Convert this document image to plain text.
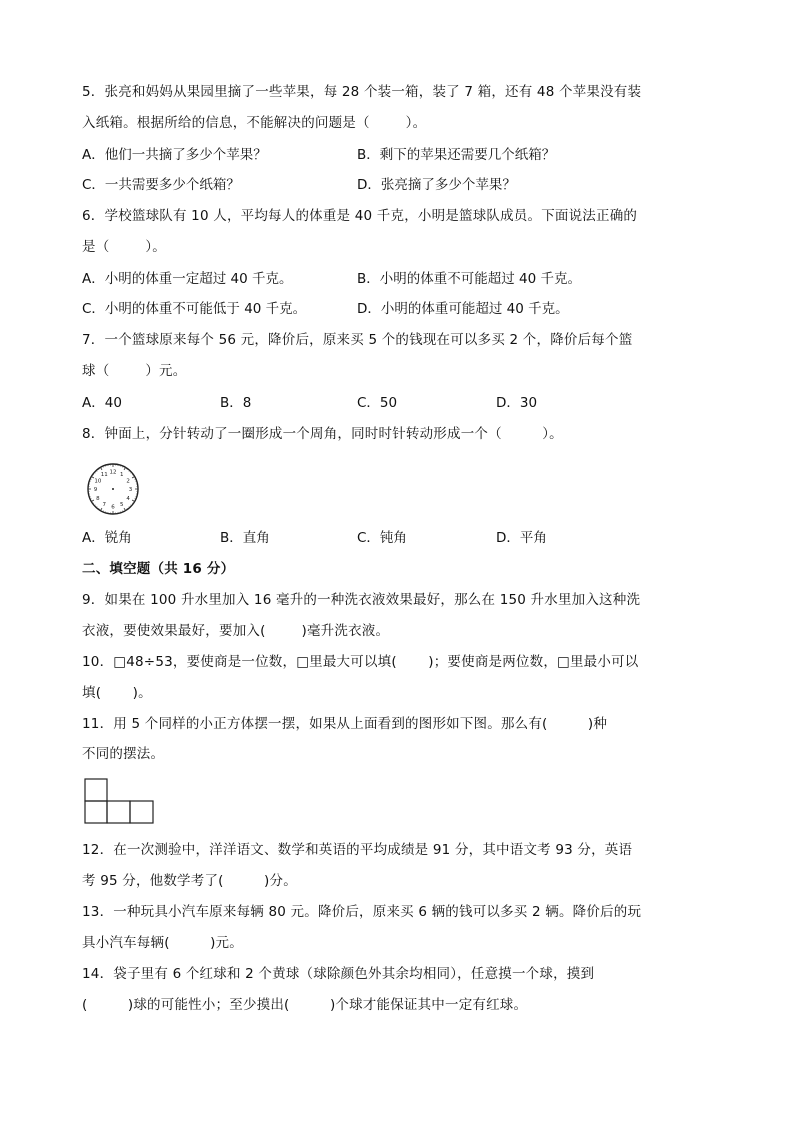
5．张亮和妈妈从果园里摘了一些苹果，每 28 个装一箱，装了 7 箱，还有 48 个苹果没有装
入纸箱。根据所给的信息，不能解决的问题是（        ）。
A．他们一共摘了多少个苹果？	B．剩下的苹果还需要几个纸箱？
C．一共需要多少个纸箱？	D．张亮摘了多少个苹果？
6．学校篮球队有 10 人，平均每人的体重是 40 千克，小明是篮球队成员。下面说法正确的
是（        ）。
A．小明的体重一定超过 40 千克。	B．小明的体重不可能超过 40 千克。
C．小明的体重不可能低于 40 千克。	D．小明的体重可能超过 40 千克。
7．一个篮球原来每个 56 元，降价后，原来买 5 个的钱现在可以多买 2 个，降价后每个篮
球（        ）元。
A．40	B．8	C．50	D．30
8．钟面上，分针转动了一圈形成一个周角，同时时针转动形成一个（         ）。
12 1
2
3
4
5
6
7
8
9
10
11
A．锐角	B．直角	C．钝角	D．平角
二、填空题（共 16 分）
9．如果在 100 升水里加入 16 毫升的一种洗衣液效果最好，那么在 150 升水里加入这种洗
衣液，要使效果最好，要加入(        )毫升洗衣液。
10．□48÷53，要使商是一位数，□里最大可以填(       )；要使商是两位数，□里最小可以
填(       )。
11．用 5 个同样的小正方体摆一摆，如果从上面看到的图形如下图。那么有(         )种
不同的摆法。
12．在一次测验中，洋洋语文、数学和英语的平均成绩是 91 分，其中语文考 93 分，英语
考 95 分，他数学考了(         )分。
13．一种玩具小汽车原来每辆 80 元。降价后，原来买 6 辆的钱可以多买 2 辆。降价后的玩
具小汽车每辆(         )元。
14．袋子里有 6 个红球和 2 个黄球（球除颜色外其余均相同），任意摸一个球，摸到
(         )球的可能性小；至少摸出(         )个球才能保证其中一定有红球。
